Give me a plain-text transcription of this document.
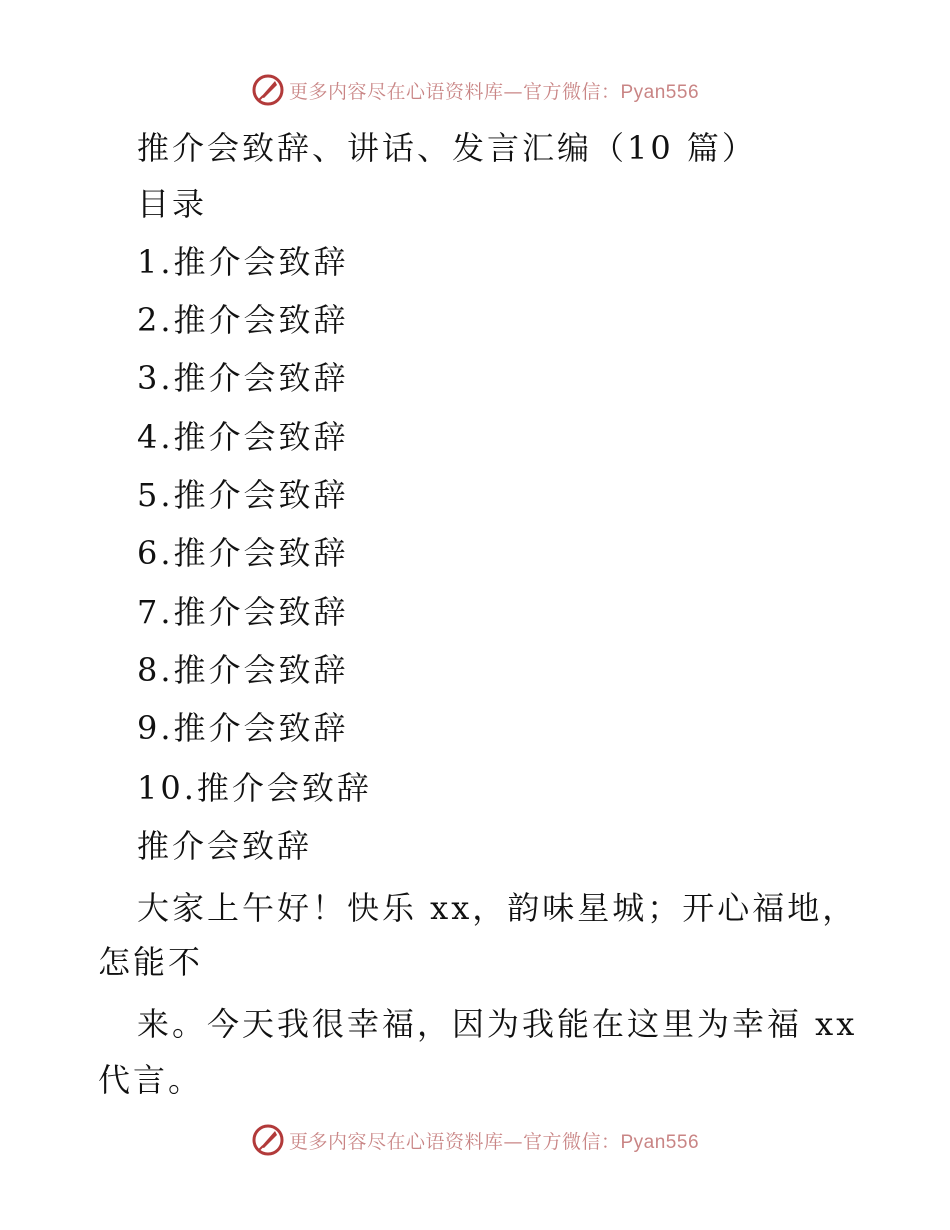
更多内容尽在心语资料库—官方微信：Pyan556
推介会致辞、讲话、发言汇编（10 篇）
目录
1.推介会致辞
2.推介会致辞
3.推介会致辞
4.推介会致辞
5.推介会致辞
6.推介会致辞
7.推介会致辞
8.推介会致辞
9.推介会致辞
10.推介会致辞
推介会致辞
大家上午好！快乐 xx，韵味星城；开心福地，
怎能不
来。今天我很幸福，因为我能在这里为幸福 xx
代言。
更多内容尽在心语资料库—官方微信：Pyan556
